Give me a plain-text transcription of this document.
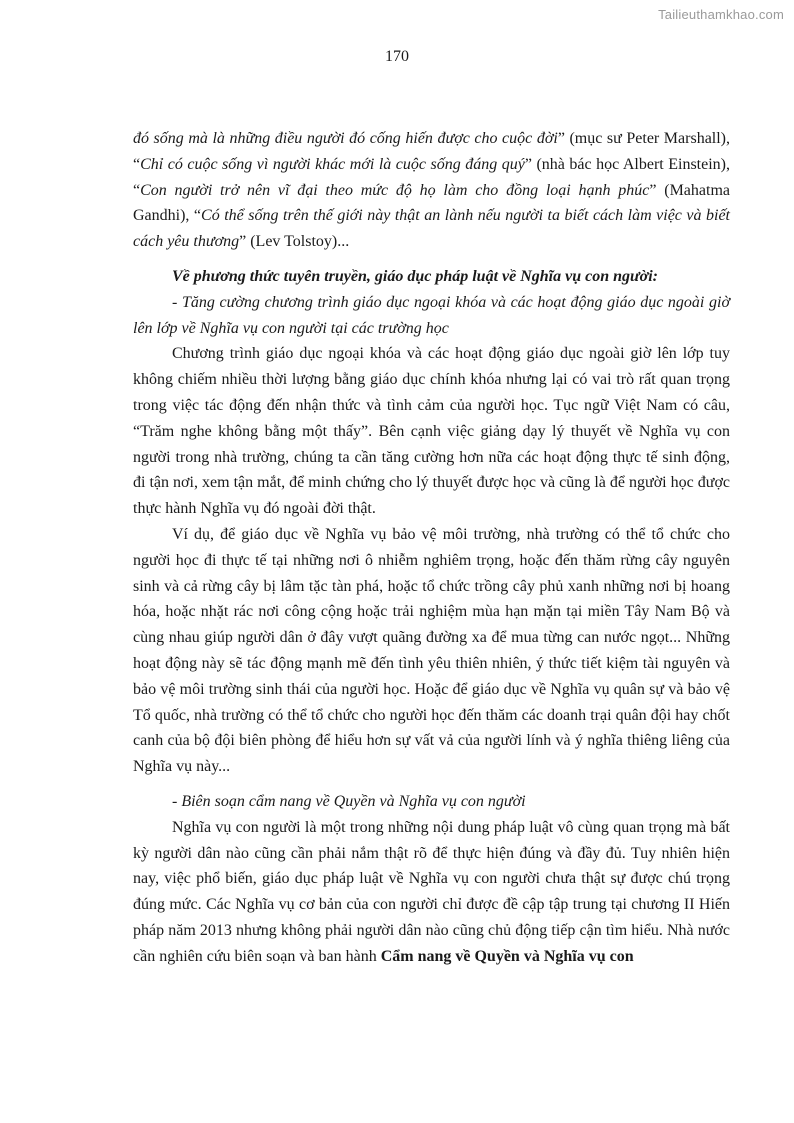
Tailieuthamkhao.com
170

đó sống mà là những điều người đó cống hiến được cho cuộc đời” (mục sư Peter Marshall), “Chỉ có cuộc sống vì người khác mới là cuộc sống đáng quý” (nhà bác học Albert Einstein), “Con người trở nên vĩ đại theo mức độ họ làm cho đồng loại hạnh phúc” (Mahatma Gandhi), “Có thể sống trên thế giới này thật an lành nếu người ta biết cách làm việc và biết cách yêu thương” (Lev Tolstoy)...

Về phương thức tuyên truyền, giáo dục pháp luật về Nghĩa vụ con người:

- Tăng cường chương trình giáo dục ngoại khóa và các hoạt động giáo dục ngoài giờ lên lớp về Nghĩa vụ con người tại các trường học

Chương trình giáo dục ngoại khóa và các hoạt động giáo dục ngoài giờ lên lớp tuy không chiếm nhiều thời lượng bằng giáo dục chính khóa nhưng lại có vai trò rất quan trọng trong việc tác động đến nhận thức và tình cảm của người học. Tục ngữ Việt Nam có câu, “Trăm nghe không bằng một thấy”. Bên cạnh việc giảng dạy lý thuyết về Nghĩa vụ con người trong nhà trường, chúng ta cần tăng cường hơn nữa các hoạt động thực tế sinh động, đi tận nơi, xem tận mắt, để minh chứng cho lý thuyết được học và cũng là để người học được thực hành Nghĩa vụ đó ngoài đời thật.

Ví dụ, để giáo dục về Nghĩa vụ bảo vệ môi trường, nhà trường có thể tổ chức cho người học đi thực tế tại những nơi ô nhiễm nghiêm trọng, hoặc đến thăm rừng cây nguyên sinh và cả rừng cây bị lâm tặc tàn phá, hoặc tổ chức trồng cây phủ xanh những nơi bị hoang hóa, hoặc nhặt rác nơi công cộng hoặc trải nghiệm mùa hạn mặn tại miền Tây Nam Bộ và cùng nhau giúp người dân ở đây vượt quãng đường xa để mua từng can nước ngọt... Những hoạt động này sẽ tác động mạnh mẽ đến tình yêu thiên nhiên, ý thức tiết kiệm tài nguyên và bảo vệ môi trường sinh thái của người học. Hoặc để giáo dục về Nghĩa vụ quân sự và bảo vệ Tổ quốc, nhà trường có thể tổ chức cho người học đến thăm các doanh trại quân đội hay chốt canh của bộ đội biên phòng để hiểu hơn sự vất vả của người lính và ý nghĩa thiêng liêng của Nghĩa vụ này...

- Biên soạn cẩm nang về Quyền và Nghĩa vụ con người

Nghĩa vụ con người là một trong những nội dung pháp luật vô cùng quan trọng mà bất kỳ người dân nào cũng cần phải nắm thật rõ để thực hiện đúng và đầy đủ. Tuy nhiên hiện nay, việc phổ biến, giáo dục pháp luật về Nghĩa vụ con người chưa thật sự được chú trọng đúng mức. Các Nghĩa vụ cơ bản của con người chỉ được đề cập tập trung tại chương II Hiến pháp năm 2013 nhưng không phải người dân nào cũng chủ động tiếp cận tìm hiểu. Nhà nước cần nghiên cứu biên soạn và ban hành Cẩm nang về Quyền và Nghĩa vụ con
